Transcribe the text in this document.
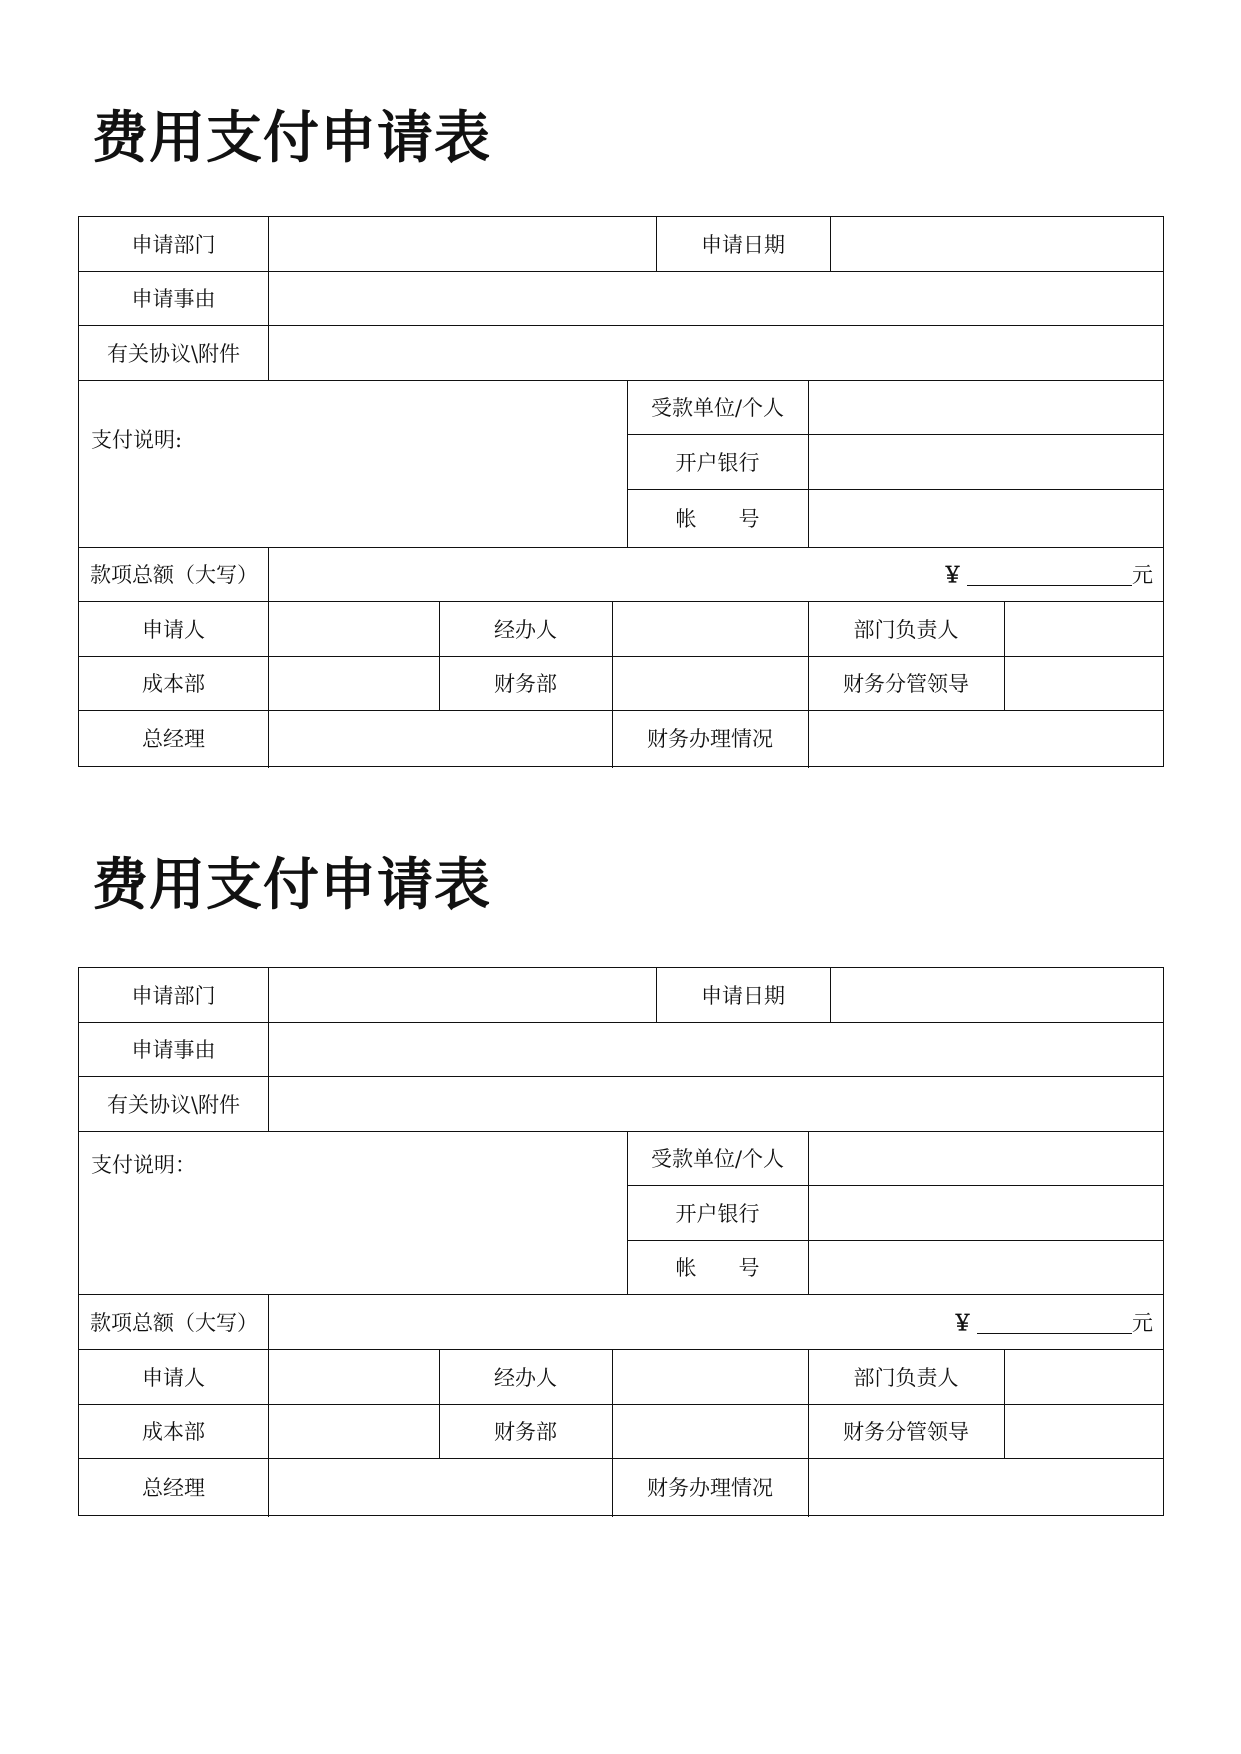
费用支付申请表
申请部门	申请日期
申请事由
有关协议\附件
支付说明:
受款单位/个人
开户银行
帐　　号
款项总额（大写）	￥	元
申请人	经办人	部门负责人
成本部	财务部	财务分管领导
总经理	财务办理情况
费用支付申请表
申请部门	申请日期
申请事由
有关协议\附件
支付说明：	受款单位/个人
开户银行
帐　　号
款项总额（大写）	￥	元
申请人	经办人	部门负责人
成本部	财务部	财务分管领导
总经理	财务办理情况
